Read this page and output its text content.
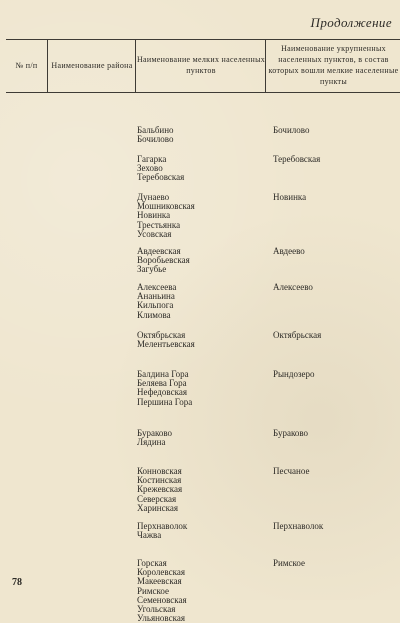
Продолжение
№ п/п	Наименование района
Наименование мелких населенных пунктов
Наименование укрупненных населенных пунктов, в состав которых вошли мелкие населенные пункты
Бальбино
Бочилово
Бочилово
Гагарка
Зехово
Теребовская
Теребовская
Дунаево
Мошниковская
Новинка
Трестьянка
Усовская
Новинка
Авдеевская
Воробьевская
Загубье
Авдеево
Алексеева
Ананьина
Кильпога
Климова
Алексеево
Октябрьская
Мелентьевская
Октябрьская
Балдина Гора
Беляева Гора
Нефедовская
Першина Гора
Рындозеро
Бураково
Лядина
Бураково
Конновская
Костинская
Крежевская
Северская
Харинская
Песчаное
Перхнаволок
Чажва
Перхнаволок
Горская
Королевская
Макеевская
Римское
Семеновская
Угольская
Ульяновская
Римское
78
